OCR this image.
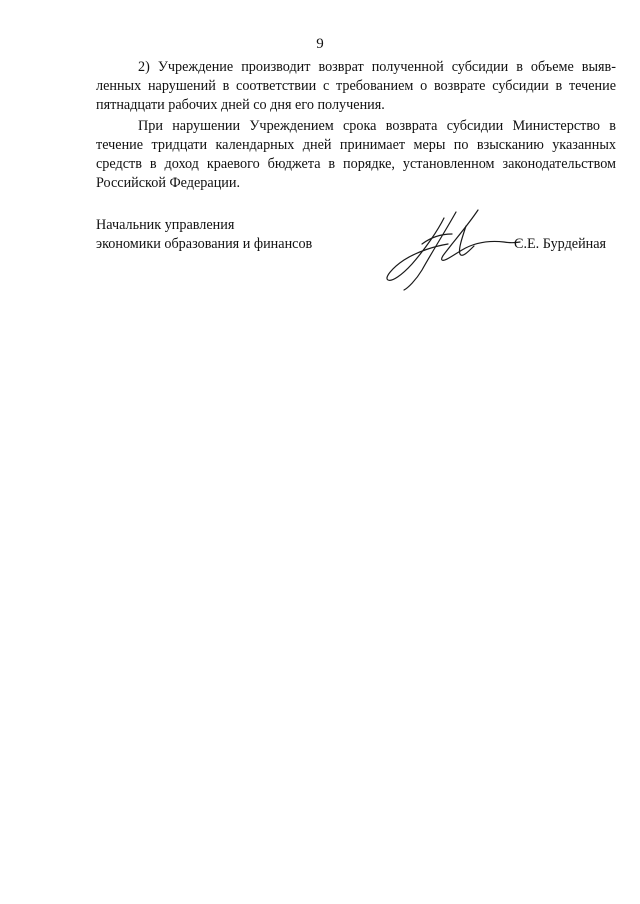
9

2) Учреждение производит возврат полученной субсидии в объеме выявленных нарушений в соответствии с требованием о возврате субсидии в течение пятнадцати рабочих дней со дня его получения.

При нарушении Учреждением срока возврата субсидии Министерство в течение тридцати календарных дней принимает меры по взысканию указанных средств в доход краевого бюджета в порядке, установленном законодательством Российской Федерации.

Начальник управления
экономики образования и финансов	С.Е. Бурдейная
